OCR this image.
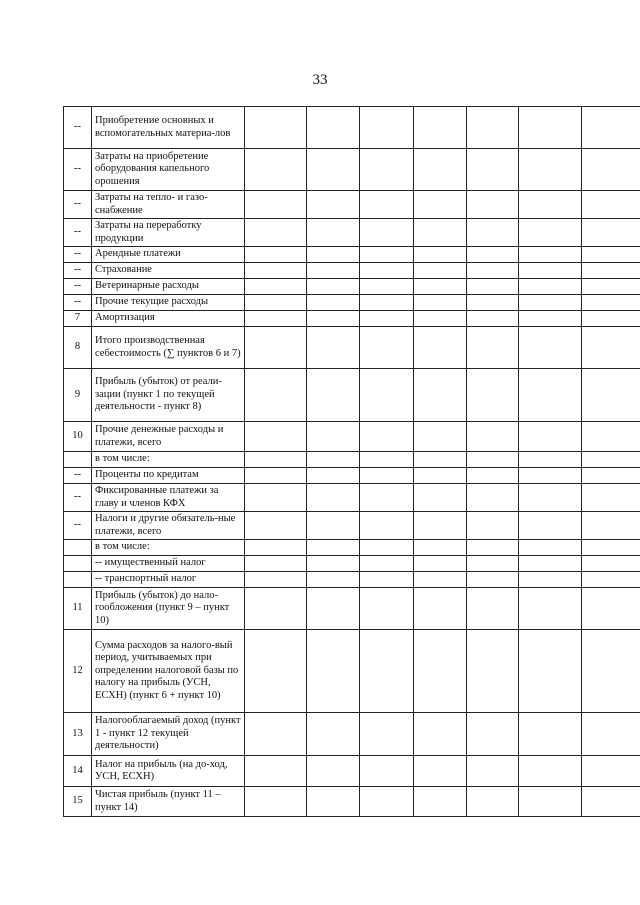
33
--	Приобретение основных и вспомогательных материа-лов							
--	Затраты на приобретение оборудования капельного орошения							
--	Затраты на тепло- и газо-снабжение							
--	Затраты на переработку продукции							
--	Арендные платежи							
--	Страхование							
--	Ветеринарные расходы							
--	Прочие текущие расходы							
7	Амортизация							
8	Итого производственная себестоимость (∑ пунктов 6 и 7)							
9	Прибыль (убыток) от реали-зации (пункт 1 по текущей деятельности - пункт 8)							
10	Прочие денежные расходы и платежи, всего							
	в том числе:							
--	Проценты по кредитам							
--	Фиксированные платежи за главу и членов КФХ							
--	Налоги и другие обязатель-ные платежи, всего							
	в том числе:							
	-- имущественный налог							
	-- транспортный налог							
11	Прибыль (убыток) до нало-гообложения (пункт 9 – пункт 10)							
12	Сумма расходов за налого-вый период, учитываемых при определении налоговой базы по налогу на прибыль (УСН, ЕСХН) (пункт 6 + пункт 10)							
13	Налогооблагаемый доход (пункт 1 - пункт 12 текущей деятельности)							
14	Налог на прибыль (на до-ход, УСН, ЕСХН)							
15	Чистая прибыль (пункт 11 – пункт 14)							
